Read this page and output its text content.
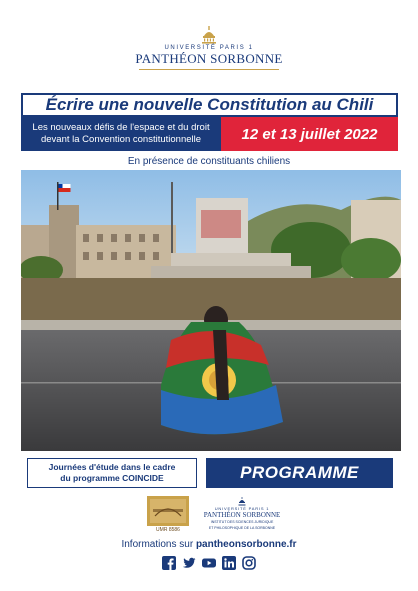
UNIVERSITÉ PARIS 1
PANTHÉON SORBONNE
Écrire une nouvelle Constitution au Chili
Les nouveaux défis de l'espace et du droit
devant la Convention constitutionnelle	12 et 13 juillet 2022
En présence de constituants chiliens
Journées d'étude dans le cadre
du programme COINCIDE	PROGRAMME
UMR 8586
UNIVERSITÉ PARIS 1
PANTHÉON SORBONNE
INSTITUT DES SCIENCES JURIDIQUE
ET PHILOSOPHIQUE DE LA SORBONNE
Informations sur pantheonsorbonne.fr
